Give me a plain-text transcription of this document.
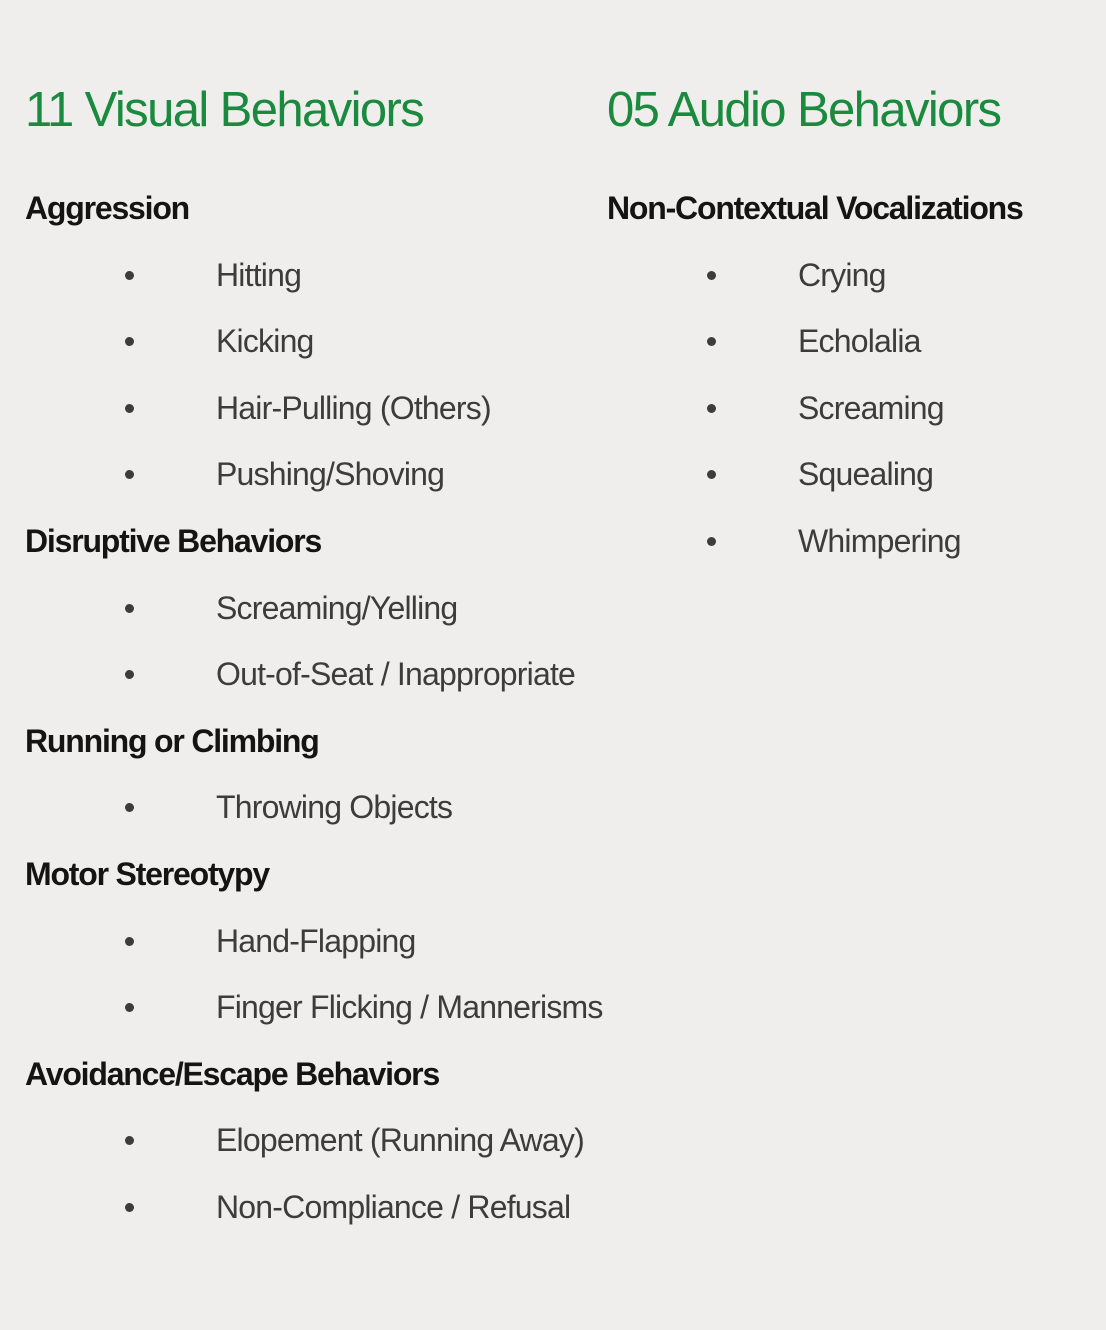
11 Visual Behaviors
Aggression
Hitting
Kicking
Hair-Pulling (Others)
Pushing/Shoving
Disruptive Behaviors
Screaming/Yelling
Out-of-Seat / Inappropriate
Running or Climbing
Throwing Objects
Motor Stereotypy
Hand-Flapping
Finger Flicking / Mannerisms
Avoidance/Escape Behaviors
Elopement (Running Away)
Non-Compliance / Refusal
05 Audio Behaviors
Non-Contextual Vocalizations
Crying
Echolalia
Screaming
Squealing
Whimpering
